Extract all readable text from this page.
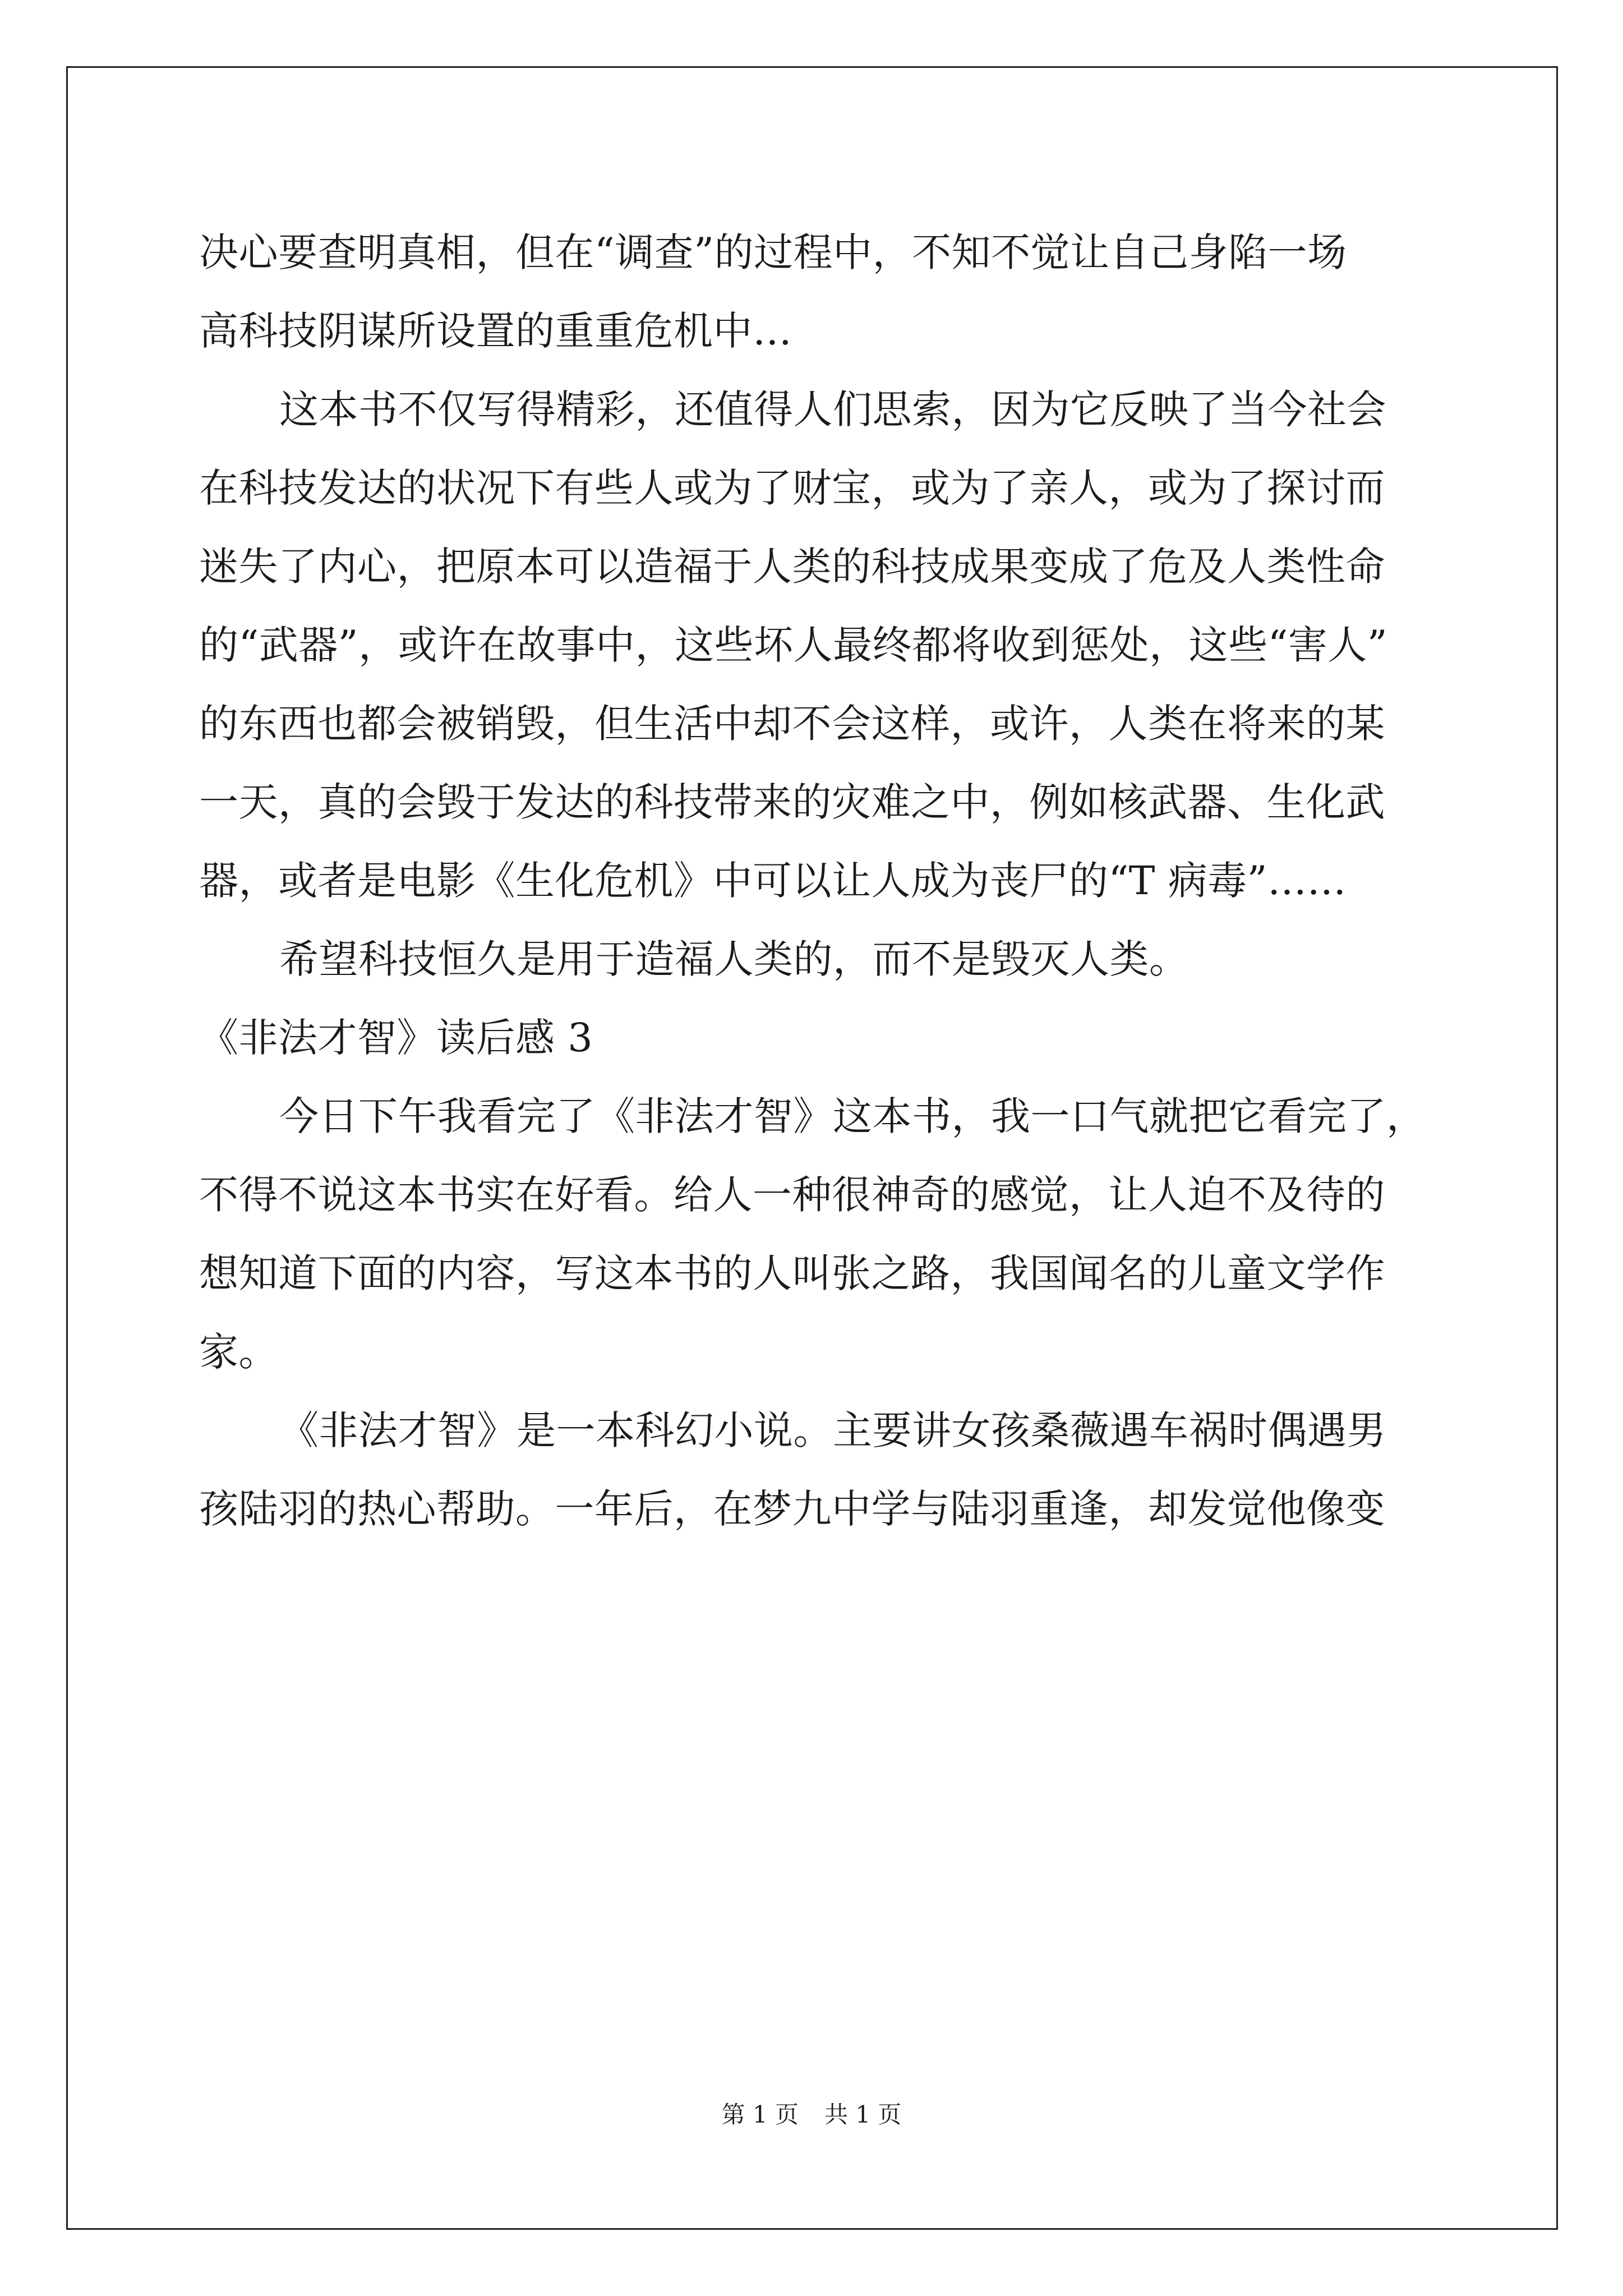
决心要查明真相，但在“调查”的过程中，不知不觉让自己身陷一场
高科技阴谋所设置的重重危机中…
这本书不仅写得精彩，还值得人们思索，因为它反映了当今社会
在科技发达的状况下有些人或为了财宝，或为了亲人，或为了探讨而
迷失了内心，把原本可以造福于人类的科技成果变成了危及人类性命
的“武器”，或许在故事中，这些坏人最终都将收到惩处，这些“害人”
的东西也都会被销毁，但生活中却不会这样，或许，人类在将来的某
一天，真的会毁于发达的科技带来的灾难之中，例如核武器、生化武
器，或者是电影《生化危机》中可以让人成为丧尸的“T 病毒”……
希望科技恒久是用于造福人类的，而不是毁灭人类。
《非法才智》读后感 3
今日下午我看完了《非法才智》这本书，我一口气就把它看完了，
不得不说这本书实在好看。给人一种很神奇的感觉，让人迫不及待的
想知道下面的内容，写这本书的人叫张之路，我国闻名的儿童文学作
家。
《非法才智》是一本科幻小说。主要讲女孩桑薇遇车祸时偶遇男
孩陆羽的热心帮助。一年后，在梦九中学与陆羽重逢，却发觉他像变
第 1 页 共 1 页
